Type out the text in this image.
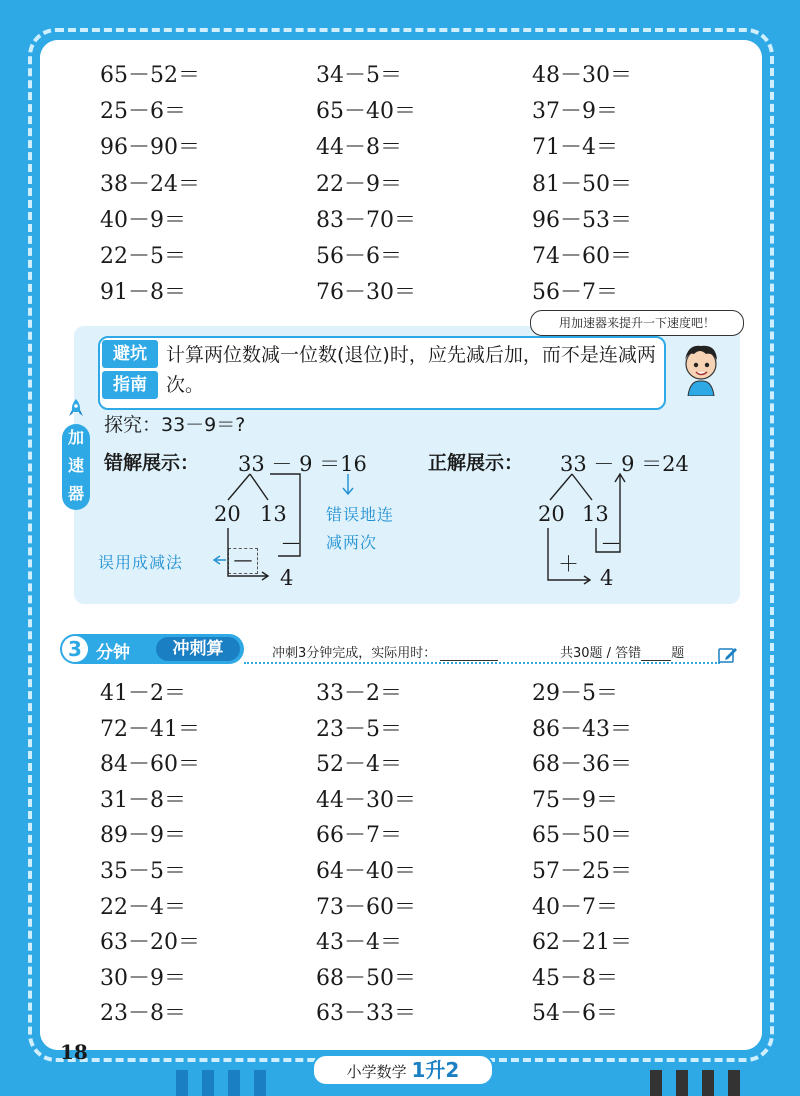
65－52＝	34－5＝	48－30＝
25－6＝	65－40＝	37－9＝
96－90＝	44－8＝	71－4＝
38－24＝	22－9＝	81－50＝
40－9＝	83－70＝	96－53＝
22－5＝	56－6＝	74－60＝
91－8＝	76－30＝	56－7＝
用加速器来提升一下速度吧！
避坑
指南
计算两位数减一位数(退位)时，应先减后加，而不是连减两次。
加
速
器
探究：33－9＝?
错解展示：	正解展示：
33 － 9 ＝16
20 13
—
—
4
错误地连
减两次
误用成减法
33 － 9 ＝24
20 13
—
＋
4
3 分钟	冲刺算	冲刺3分钟完成，实际用时：	共30题 / 答错 题
41－2＝	33－2＝	29－5＝
72－41＝	23－5＝	86－43＝
84－60＝	52－4＝	68－36＝
31－8＝	44－30＝	75－9＝
89－9＝	66－7＝	65－50＝
35－5＝	64－40＝	57－25＝
22－4＝	73－60＝	40－7＝
63－20＝	43－4＝	62－21＝
30－9＝	68－50＝	45－8＝
23－8＝	63－33＝	54－6＝
18
小学数学 1升2
